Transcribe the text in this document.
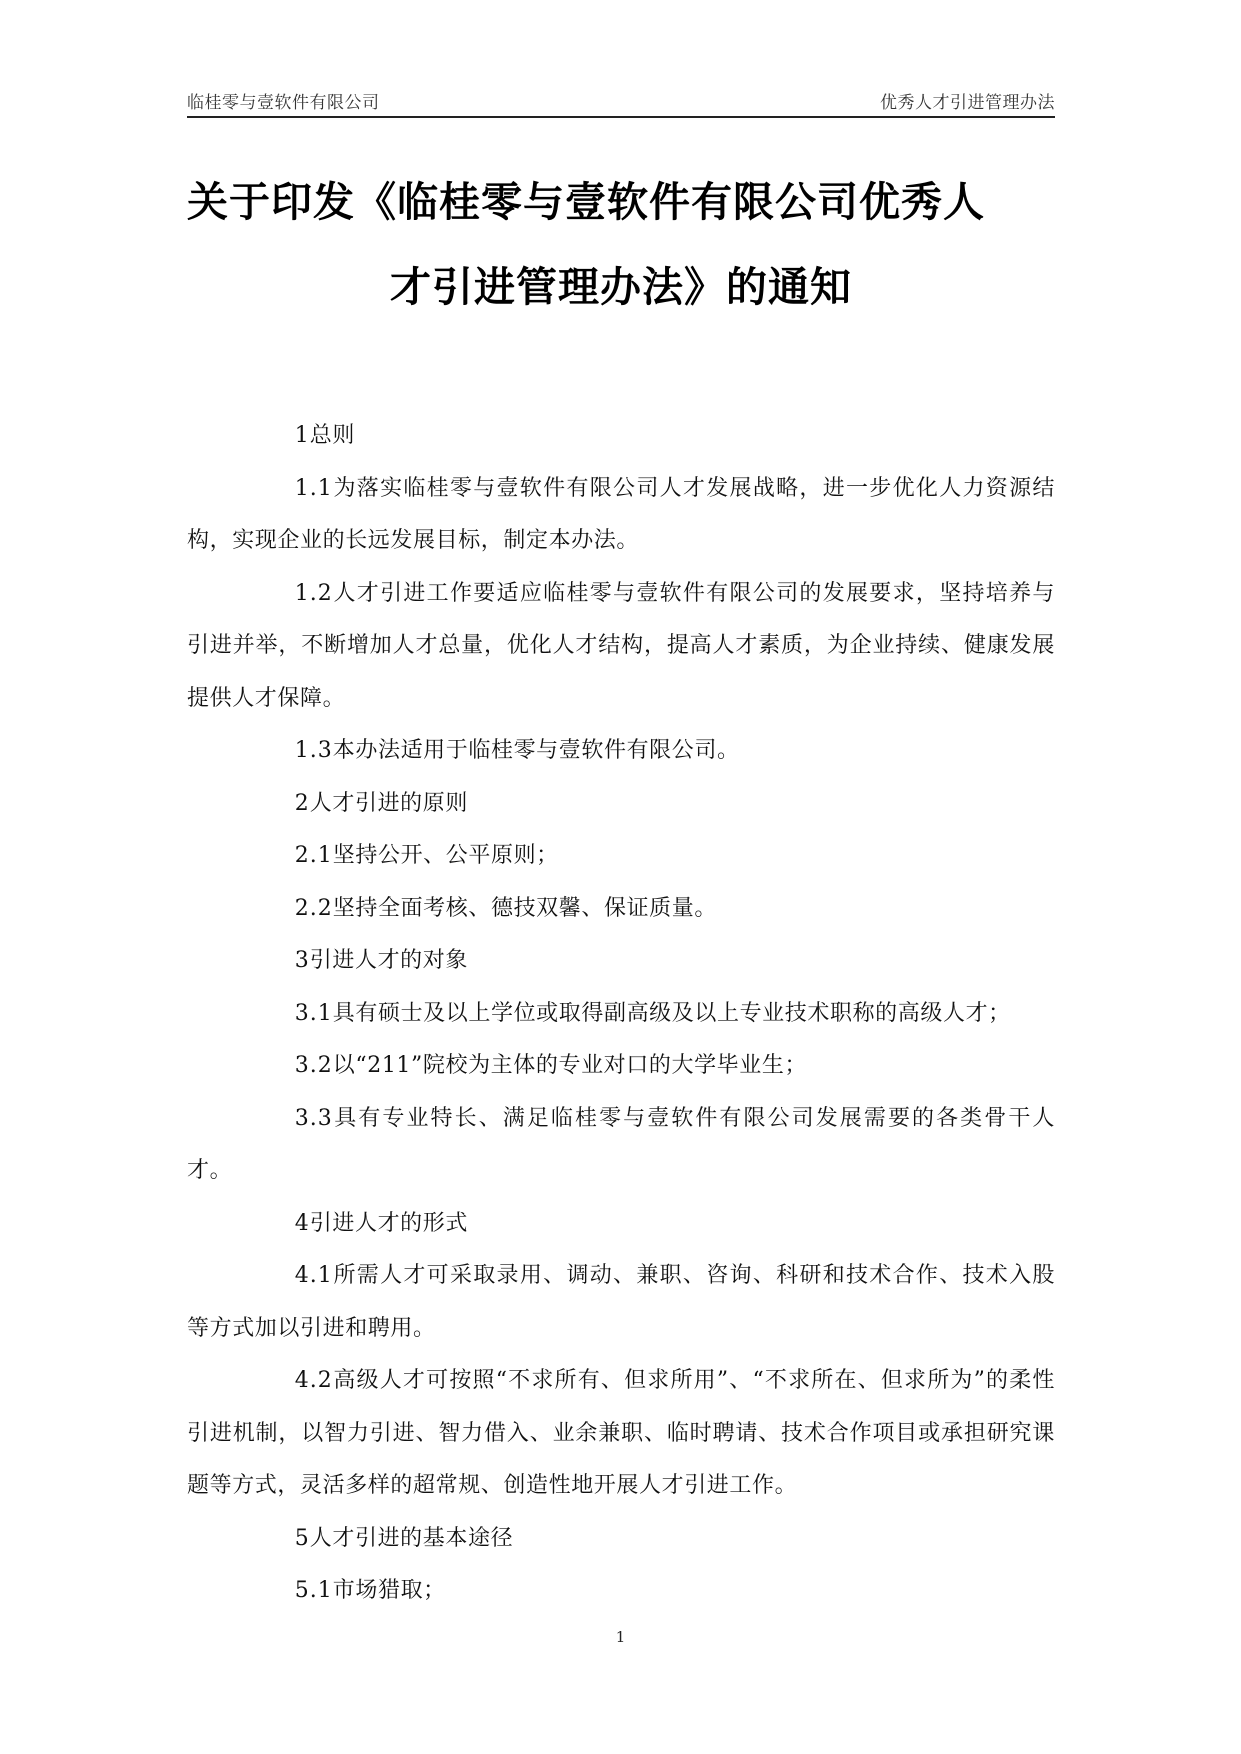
临桂零与壹软件有限公司	优秀人才引进管理办法
关于印发《临桂零与壹软件有限公司优秀人
才引进管理办法》的通知

1总则

1.1为落实临桂零与壹软件有限公司人才发展战略，进一步优化人力资源结构，实现企业的长远发展目标，制定本办法。

1.2人才引进工作要适应临桂零与壹软件有限公司的发展要求，坚持培养与引进并举，不断增加人才总量，优化人才结构，提高人才素质，为企业持续、健康发展提供人才保障。

1.3本办法适用于临桂零与壹软件有限公司。

2人才引进的原则

2.1坚持公开、公平原则；

2.2坚持全面考核、德技双馨、保证质量。

3引进人才的对象

3.1具有硕士及以上学位或取得副高级及以上专业技术职称的高级人才；

3.2以“211”院校为主体的专业对口的大学毕业生；

3.3具有专业特长、满足临桂零与壹软件有限公司发展需要的各类骨干人才。

4引进人才的形式

4.1所需人才可采取录用、调动、兼职、咨询、科研和技术合作、技术入股等方式加以引进和聘用。

4.2高级人才可按照“不求所有、但求所用”、“不求所在、但求所为”的柔性引进机制，以智力引进、智力借入、业余兼职、临时聘请、技术合作项目或承担研究课题等方式，灵活多样的超常规、创造性地开展人才引进工作。

5人才引进的基本途径

5.1市场猎取；

1
